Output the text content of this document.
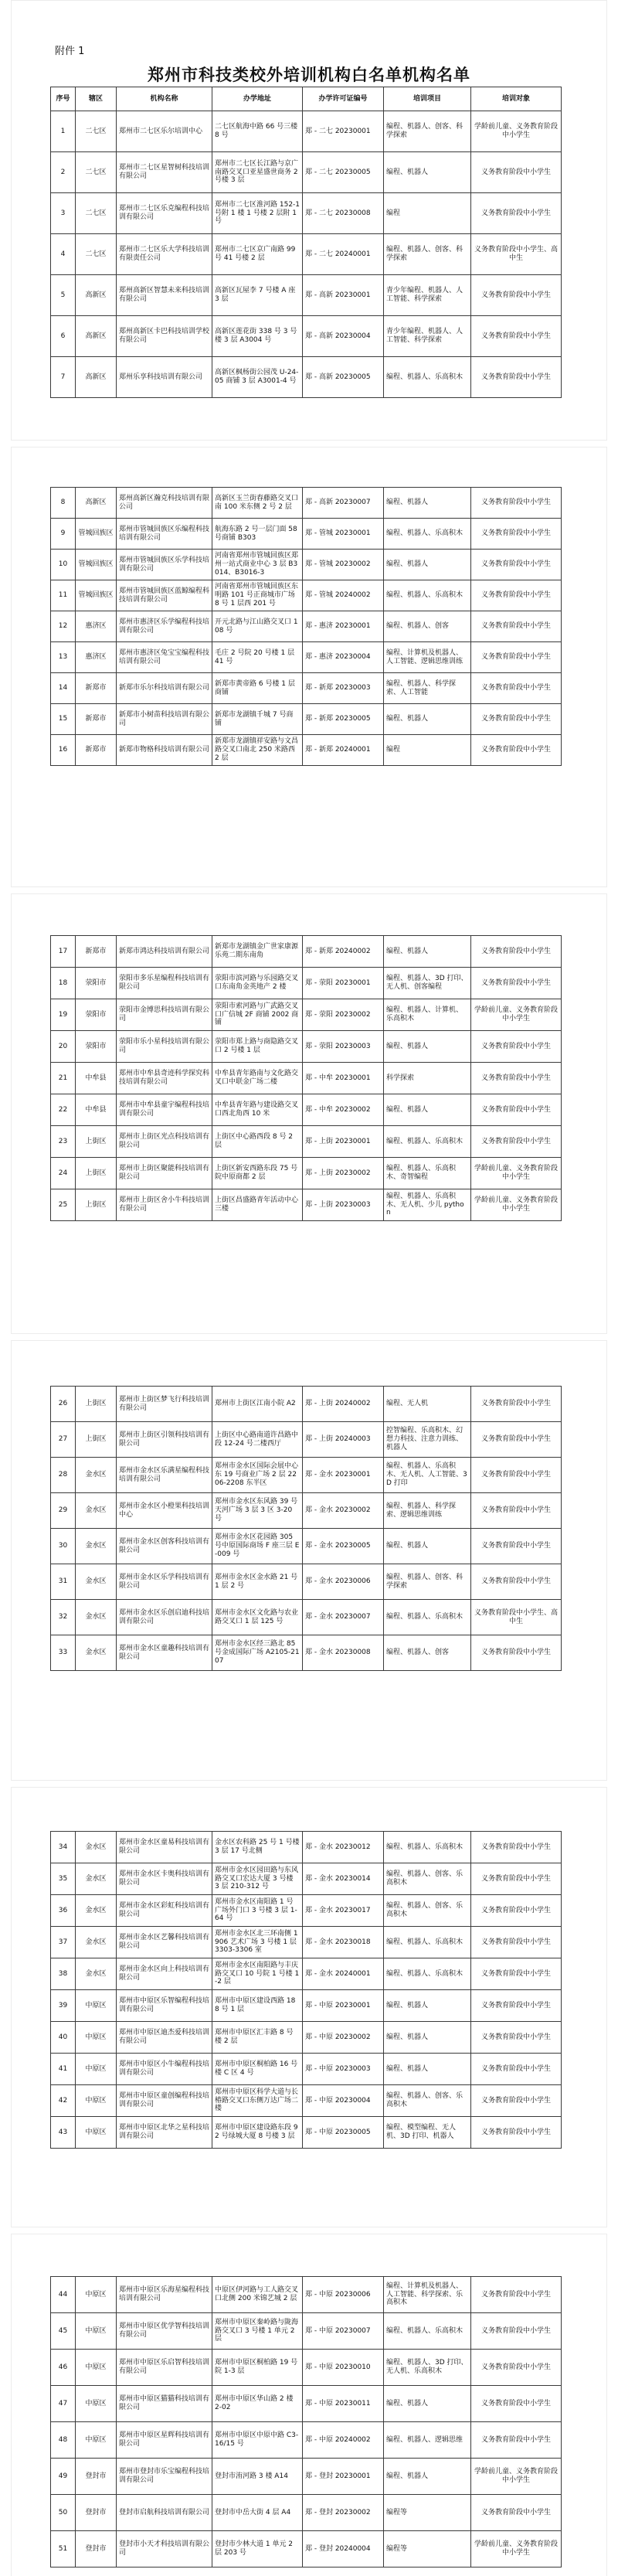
附件 1
郑州市科技类校外培训机构白名单机构名单
序号	辖区	机构名称	办学地址	办学许可证编号	培训项目	培训对象
1	二七区	郑州市二七区乐尔培训中心	二七区航海中路 66 号三楼 8 号	郑 - 二七 20230001	编程、机器人、创客、科学探索	学龄前儿童、义务教育阶段中小学生
2	二七区	郑州市二七区星智树科技培训有限公司	郑州市二七区长江路与京广南路交叉口亚星盛世商务 2 号楼 3 层	郑 - 二七 20230005	编程、机器人	义务教育阶段中小学生
3	二七区	郑州市二七区乐克编程科技培训有限公司	郑州市二七区淮河路 152-1 号附 1 楼 1 号楼 2 层附 1 号	郑 - 二七 20230008	编程	义务教育阶段中小学生
4	二七区	郑州市二七区乐大学科技培训有限责任公司	郑州市二七区京广南路 99 号 41 号楼 2 层	郑 - 二七 20240001	编程、机器人、创客、科学探索	义务教育阶段中小学生、高中生
5	高新区	郑州高新区智慧未来科技培训有限公司	高新区瓦屋李 7 号楼 A 座 3 层	郑 - 高新 20230001	青少年编程、机器人、人工智能、科学探索	义务教育阶段中小学生
6	高新区	郑州高新区卡巴科技培训学校有限公司	高新区莲花街 338 号 3 号楼 3 层 A3004 号	郑 - 高新 20230004	青少年编程、机器人、人工智能、科学探索	义务教育阶段中小学生
7	高新区	郑州乐享科技培训有限公司	高新区枫杨街公园茂 U-24-05 商铺 3 层 A3001-4 号	郑 - 高新 20230005	编程、机器人、乐高积木	义务教育阶段中小学生
8	高新区	郑州高新区瀚克科技培训有限公司	高新区玉兰街春藤路交叉口南 100 米东侧 2 号 2 层	郑 - 高新 20230007	编程、机器人	义务教育阶段中小学生
9	管城回族区	郑州市管城回族区乐编程科技培训有限公司	航海东路 2 号一层门面 58 号商铺 B303	郑 - 管城 20230001	编程、机器人、乐高积木	义务教育阶段中小学生
10	管城回族区	郑州市管城回族区乐学科技培训有限公司	河南省郑州市管城回族区郑州一站式商业中心 3 层 B3014、B3016-3	郑 - 管城 20230002	编程、机器人	义务教育阶段中小学生
11	管城回族区	郑州市管城回族区蓝鲸编程科技培训有限公司	河南省郑州市管城回族区东明路 101 号正商城市广场 8 号 1 层西 201 号	郑 - 管城 20240002	编程、机器人、乐高积木	义务教育阶段中小学生
12	惠济区	郑州市惠济区乐学编程科技培训有限公司	开元北路与江山路交叉口 108 号	郑 - 惠济 20230001	编程、机器人、创客	义务教育阶段中小学生
13	惠济区	郑州市惠济区兔宝宝编程科技培训有限公司	毛庄 2 号院 20 号楼 1 层 41 号	郑 - 惠济 20230004	编程、计算机及机器人、人工智能、逻辑思维训练	义务教育阶段中小学生
14	新郑市	新郑市乐尔科技培训有限公司	新郑市黄帝路 6 号楼 1 层商铺	郑 - 新郑 20230003	编程、机器人、科学探索、人工智能	义务教育阶段中小学生
15	新郑市	新郑市小树苗科技培训有限公司	新郑市龙湖镇千城 7 号商铺	郑 - 新郑 20230005	编程、机器人	义务教育阶段中小学生
16	新郑市	新郑市物格科技培训有限公司	新郑市龙湖镇祥安路与文昌路交叉口南北 250 米路西 2 层	郑 - 新郑 20240001	编程	义务教育阶段中小学生
17	新郑市	新郑市鸿达科技培训有限公司	新郑市龙湖镇金广世家康源乐苑二期东南角	郑 - 新郑 20240002	编程、机器人	义务教育阶段中小学生
18	荥阳市	荥阳市多乐星编程科技培训有限公司	荥阳市滨河路与乐园路交叉口东南角金英地产 2 楼	郑 - 荥阳 20230001	编程、机器人、3D 打印、无人机、创客编程	义务教育阶段中小学生
19	荥阳市	荥阳市金博思科技培训有限公司	荥阳市索河路与广武路交叉口广信城 2F 商铺 2002 商铺	郑 - 荥阳 20230002	编程、机器人、计算机、乐高积木	学龄前儿童、义务教育阶段中小学生
20	荥阳市	荥阳市乐小星科技培训有限公司	荥阳市郑上路与商隐路交叉口 2 号楼 1 层	郑 - 荥阳 20230003	编程、机器人	义务教育阶段中小学生
21	中牟县	郑州市中牟县奇迹科学探究科技培训有限公司	中牟县青年路南与文化路交叉口中联金广场二楼	郑 - 中牟 20230001	科学探索	义务教育阶段中小学生
22	中牟县	郑州市中牟县童宇编程科技培训有限公司	中牟县青年路与建设路交叉口西北角西 10 米	郑 - 中牟 20230002	编程、机器人	义务教育阶段中小学生
23	上街区	郑州市上街区光点科技培训有限公司	上街区中心路西段 8 号 2 层	郑 - 上街 20230001	编程、机器人、乐高积木	义务教育阶段中小学生
24	上街区	郑州市上街区聚能科技培训有限公司	上街区新安西路东段 75 号院中原商都 2 层	郑 - 上街 20230002	编程、机器人、乐高积木、奇智编程	学龄前儿童、义务教育阶段中小学生
25	上街区	郑州市上街区舍小牛科技培训有限公司	上街区昌盛路青年活动中心三楼	郑 - 上街 20230003	编程、机器人、乐高积木、无人机、少儿 python	学龄前儿童、义务教育阶段中小学生
26	上街区	郑州市上街区梦飞行科技培训有限公司	郑州市上街区江南小院 A2	郑 - 上街 20240002	编程、无人机	义务教育阶段中小学生
27	上街区	郑州市上街区引领科技培训有限公司	上街区中心路南道许昌路中段 12-24 号二楼西厅	郑 - 上街 20240003	控智编程、乐高积木、幻想力科技、注意力训练、机器人	义务教育阶段中小学生
28	金水区	郑州市金水区乐满星编程科技培训有限公司	郑州市金水区国际会展中心东 19 号商业广场 2 层 2206-2208 东半区	郑 - 金水 20230001	编程、机器人、乐高积木、无人机、人工智能、3D 打印	义务教育阶段中小学生
29	金水区	郑州市金水区小橙果科技培训中心	郑州市金水区东风路 39 号天河广场 3 层 3 区 3-20 号	郑 - 金水 20230002	编程、机器人、科学探索、逻辑思维训练	义务教育阶段中小学生
30	金水区	郑州市金水区创客科技培训有限公司	郑州市金水区花园路 305 号中原国际商场 F 座三层 E-009 号	郑 - 金水 20230005	编程、机器人	义务教育阶段中小学生
31	金水区	郑州市金水区乐学科技培训有限公司	郑州市金水区金水路 21 号 1 层 2 号	郑 - 金水 20230006	编程、机器人、创客、科学探索	义务教育阶段中小学生
32	金水区	郑州市金水区乐创启迪科技培训有限公司	郑州市金水区文化路与农业路交叉口 1 层 125 号	郑 - 金水 20230007	编程、机器人、乐高积木	义务教育阶段中小学生、高中生
33	金水区	郑州市金水区童趣科技培训有限公司	郑州市金水区经三路北 85 号金成国际广场 A2105-2107	郑 - 金水 20230008	编程、机器人、创客	义务教育阶段中小学生
34	金水区	郑州市金水区童易科技培训有限公司	金水区农科路 25 号 1 号楼 3 层 17 号北侧	郑 - 金水 20230012	编程、机器人、乐高积木	义务教育阶段中小学生
35	金水区	郑州市金水区卡奥科技培训有限公司	郑州市金水区园田路与东风路交叉口宏达大厦 3 号楼 3 层 210-312 号	郑 - 金水 20230014	编程、机器人、创客、乐高积木	义务教育阶段中小学生
36	金水区	郑州市金水区彩虹科技培训有限公司	郑州市金水区南阳路 1 号广场外门口 3 号楼 3 层 1-64 号	郑 - 金水 20230017	编程、机器人、创客、乐高积木	义务教育阶段中小学生
37	金水区	郑州市金水区艺馨科技培训有限公司	郑州市金水区北三环南侧 1906 艺术广场 3 号楼 1 层 3303-3306 室	郑 - 金水 20230018	编程、机器人、乐高积木	义务教育阶段中小学生
38	金水区	郑州市金水区向上科技培训有限公司	郑州市金水区南阳路与丰庆路交叉口 10 号院 1 号楼 1-2 层	郑 - 金水 20240001	编程、机器人、乐高积木	义务教育阶段中小学生
39	中原区	郑州市中原区乐智编程科技培训有限公司	郑州市中原区建设西路 188 号 1 层	郑 - 中原 20230001	编程、机器人	义务教育阶段中小学生
40	中原区	郑州市中原区迪杰爱科技培训有限公司	郑州市中原区汇丰路 8 号楼 2 层	郑 - 中原 20230002	编程、机器人	义务教育阶段中小学生
41	中原区	郑州市中原区小牛编程科技培训有限公司	郑州市中原区桐柏路 16 号楼 C 区 4 号	郑 - 中原 20230003	编程、机器人	义务教育阶段中小学生
42	中原区	郑州市中原区童创编程科技培训有限公司	郑州市中原区科学大道与长椿路交叉口东侧万达广场二楼	郑 - 中原 20230004	编程、机器人、创客、乐高积木	义务教育阶段中小学生
43	中原区	郑州市中原区北华之星科技培训有限公司	郑州市中原区建设路东段 92 号绿城大厦 8 号楼 3 层	郑 - 中原 20230005	编程、模型编程、无人机、3D 打印、机器人	义务教育阶段中小学生
44	中原区	郑州市中原区乐海星编程科技培训有限公司	中原区伊河路与工人路交叉口北侧 200 米锦艺城 2 层	郑 - 中原 20230006	编程、计算机及机器人、人工智能、科学探索、乐高积木	义务教育阶段中小学生
45	中原区	郑州市中原区优学智科技培训有限公司	郑州市中原区秦岭路与陇海路交叉口 3 号楼 1 单元 2 层	郑 - 中原 20230007	编程、机器人、乐高积木	义务教育阶段中小学生
46	中原区	郑州市中原区乐启智科技培训有限公司	郑州市中原区桐柏路 19 号院 1-3 层	郑 - 中原 20230010	编程、机器人、3D 打印、无人机、乐高积木	义务教育阶段中小学生
47	中原区	郑州市中原区猫猫科技培训有限公司	郑州市中原区华山路 2 楼 2-02	郑 - 中原 20230011	编程、机器人	义务教育阶段中小学生
48	中原区	郑州市中原区星辉科技培训有限公司	郑州市中原区中原中路 C3-16/15 号	郑 - 中原 20240002	编程、机器人、逻辑思维	义务教育阶段中小学生
49	登封市	郑州市登封市乐宝编程科技培训有限公司	登封市洧河路 3 楼 A14	郑 - 登封 20230001	编程、机器人	学龄前儿童、义务教育阶段中小学生
50	登封市	登封市启航科技培训有限公司	登封市中岳大街 4 层 A4	郑 - 登封 20230002	编程等	义务教育阶段中小学生
51	登封市	登封市小天才科技培训有限公司	登封市少林大道 1 单元 2 层 203 号	郑 - 登封 20240004	编程等	学龄前儿童、义务教育阶段中小学生
